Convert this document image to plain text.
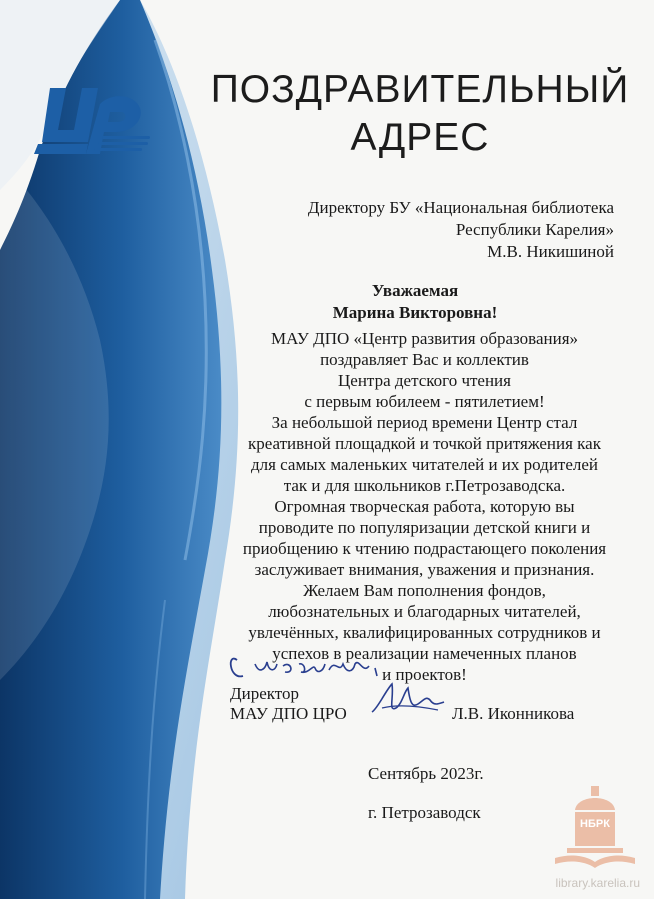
ПОЗДРАВИТЕЛЬНЫЙ
АДРЕС
Директору БУ «Национальная библиотека
Республики Карелия»
М.В. Никишиной
Уважаемая
Марина Викторовна!
МАУ ДПО «Центр развития образования»
поздравляет Вас и коллектив
Центра детского чтения
с первым юбилеем - пятилетием!
За небольшой период времени Центр стал
креативной площадкой и точкой притяжения как
для самых маленьких читателей и их родителей
так и для школьников г.Петрозаводска.
Огромная творческая работа, которую вы
проводите по популяризации детской книги и
приобщению к чтению подрастающего поколения
заслуживает внимания, уважения и признания.
Желаем Вам пополнения фондов,
любознательных и благодарных читателей,
увлечённых, квалифицированных сотрудников и
успехов в реализации намеченных планов
и проектов!
Директор
МАУ ДПО ЦРО	Л.В. Иконникова
Сентябрь 2023г.
г. Петрозаводск
НБРК
library.karelia.ru
